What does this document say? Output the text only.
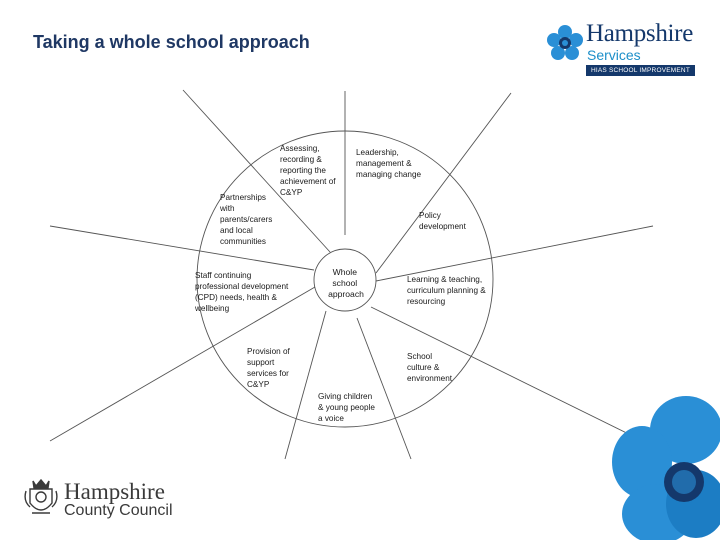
Taking a whole school approach	Hampshire
Services
HIAS SCHOOL IMPROVEMENT
Whole school approach
Assessing, recording & reporting the achievement of C&YP
Leadership, management & managing change
Policy development
Learning & teaching, curriculum planning & resourcing
School culture & environment
Giving children & young people a voice
Provision of support services for C&YP
Staff continuing professional development (CPD) needs, health & wellbeing
Partnerships with parents/carers and local communities
Hampshire
County Council
